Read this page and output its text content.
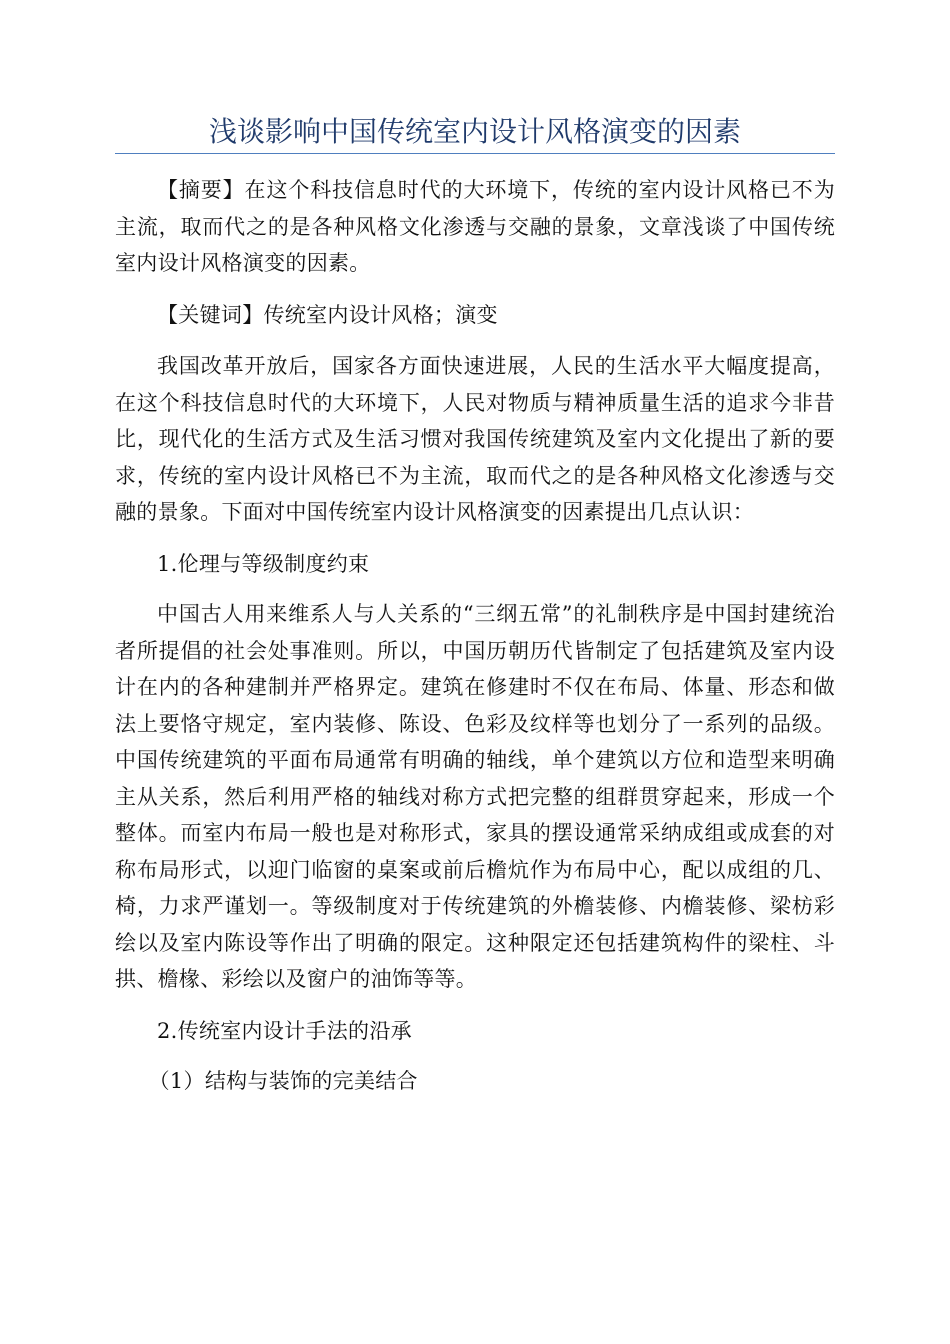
浅谈影响中国传统室内设计风格演变的因素

【摘要】在这个科技信息时代的大环境下，传统的室内设计风格已不为主流，取而代之的是各种风格文化渗透与交融的景象，文章浅谈了中国传统室内设计风格演变的因素。

【关键词】传统室内设计风格；演变

我国改革开放后，国家各方面快速进展，人民的生活水平大幅度提高，在这个科技信息时代的大环境下，人民对物质与精神质量生活的追求今非昔比，现代化的生活方式及生活习惯对我国传统建筑及室内文化提出了新的要求，传统的室内设计风格已不为主流，取而代之的是各种风格文化渗透与交融的景象。下面对中国传统室内设计风格演变的因素提出几点认识：

1.伦理与等级制度约束

中国古人用来维系人与人关系的“三纲五常”的礼制秩序是中国封建统治者所提倡的社会处事准则。所以，中国历朝历代皆制定了包括建筑及室内设计在内的各种建制并严格界定。建筑在修建时不仅在布局、体量、形态和做法上要恪守规定，室内装修、陈设、色彩及纹样等也划分了一系列的品级。中国传统建筑的平面布局通常有明确的轴线，单个建筑以方位和造型来明确主从关系，然后利用严格的轴线对称方式把完整的组群贯穿起来，形成一个整体。而室内布局一般也是对称形式，家具的摆设通常采纳成组或成套的对称布局形式，以迎门临窗的桌案或前后檐炕作为布局中心，配以成组的几、椅，力求严谨划一。等级制度对于传统建筑的外檐装修、内檐装修、梁枋彩绘以及室内陈设等作出了明确的限定。这种限定还包括建筑构件的梁柱、斗拱、檐椽、彩绘以及窗户的油饰等等。

2.传统室内设计手法的沿承

（1）结构与装饰的完美结合
